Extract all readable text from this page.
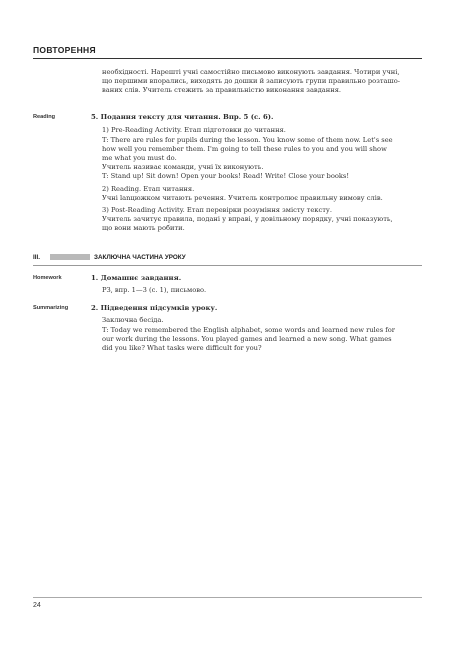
ПОВТОРЕННЯ

необхідності. Нарешті учні самостійно письмово виконують завдання. Чотири учні,

що першими впорались, виходять до дошки й записують групи правильно розташо-

ваних слів. Учитель стежить за правильністю виконання завдання.

Reading	5. Подання тексту для читання. Впр. 5 (с. 6).

1) Pre-Reading Activity. Етап підготовки до читання.

T: There are rules for pupils during the lesson. You know some of them now. Let's see

how well you remember them. I'm going to tell these rules to you and you will show

me what you must do.

Учитель називає команди, учні їх виконують.

T: Stand up! Sit down! Open your books! Read! Write! Close your books!

2) Reading. Етап читання.

Учні lanцюжком читають речення. Учитель контролює правильну вимову слів.

3) Post-Reading Activity. Етап перевірки розуміння змісту тексту.

Учитель зачитує правила, подані у вправі, у довільному порядку, учні показують,

що вони мають робити.

III.	ЗАКЛЮЧНА ЧАСТИНА УРОКУ
Homework	1. Домашнє завдання.

РЗ, впр. 1—3 (с. 1), письмово.

Summarizing	2. Підведення підсумків уроку.

Заключна бесіда.

T: Today we remembered the English alphabet, some words and learned new rules for

our work during the lessons. You played games and learned a new song. What games

did you like? What tasks were difficult for you?

24
